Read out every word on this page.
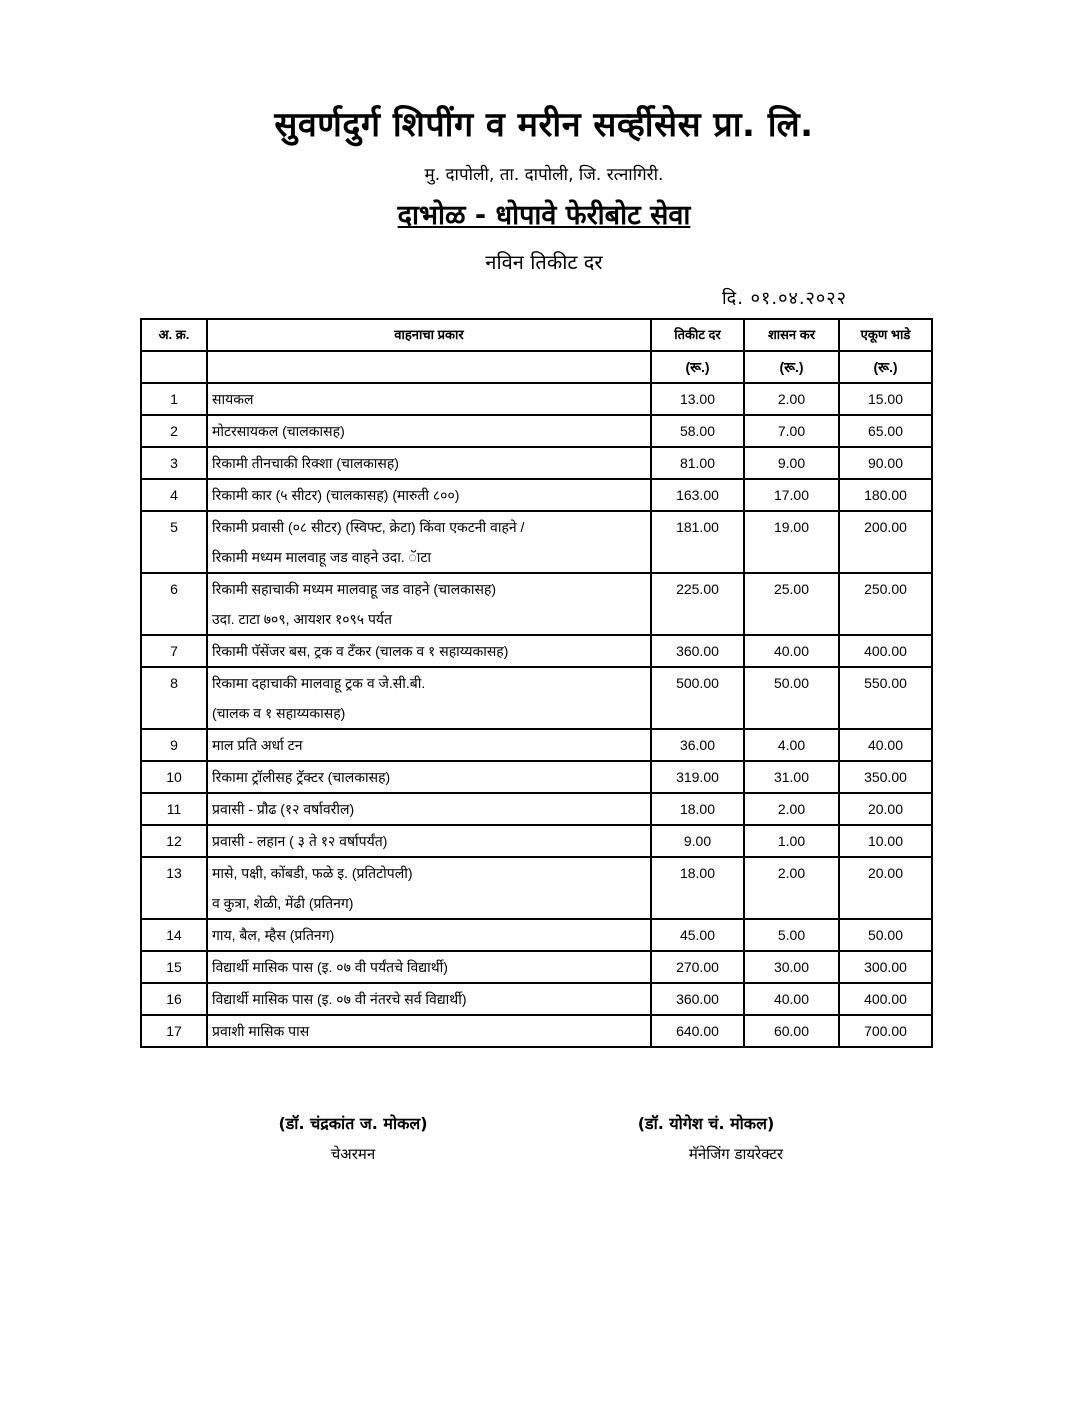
सुवर्णदुर्ग शिपींग व मरीन सर्व्हीसेस प्रा. लि.
मु. दापोली, ता. दापोली, जि. रत्नागिरी.
दाभोळ - धोपावे फेरीबोट सेवा
नविन तिकीट दर
दि. ०१.०४.२०२२
अ. क्र.	वाहनाचा प्रकार	तिकीट दर	शासन कर	एकूण भाडे
		(रू.)	(रू.)	(रू.)
1	सायकल	13.00	2.00	15.00
2	मोटरसायकल (चालकासह)	58.00	7.00	65.00
3	रिकामी तीनचाकी रिक्शा (चालकासह)	81.00	9.00	90.00
4	रिकामी कार (५ सीटर) (चालकासह) (मारुती ८००)	163.00	17.00	180.00
5	रिकामी प्रवासी (०८ सीटर) (स्विफ्ट, क्रेटा) किंवा एकटनी वाहने /
रिकामी मध्यम मालवाहू जड वाहने उदा. ॅाटा	181.00	19.00	200.00
6	रिकामी सहाचाकी मध्यम मालवाहू जड वाहने (चालकासह)
उदा. टाटा ७०९, आयशर १०९५ पर्यत	225.00	25.00	250.00
7	रिकामी पॅसेंजर बस, ट्रक व टॅंकर (चालक व १ सहाय्यकासह)	360.00	40.00	400.00
8	रिकामा दहाचाकी मालवाहू ट्रक व जे.सी.बी.
(चालक व १ सहाय्यकासह)	500.00	50.00	550.00
9	माल प्रति अर्धा टन	36.00	4.00	40.00
10	रिकामा ट्रॉलीसह ट्रॅक्टर (चालकासह)	319.00	31.00	350.00
11	प्रवासी - प्रौढ (१२ वर्षावरील)	18.00	2.00	20.00
12	प्रवासी - लहान ( ३ ते १२ वर्षापर्यंत)	9.00	1.00	10.00
13	मासे, पक्षी, कोंबडी, फळे इ. (प्रतिटोपली)
व कुत्रा, शेळी, मेंढी (प्रतिनग)	18.00	2.00	20.00
14	गाय, बैल, म्हैस (प्रतिनग)	45.00	5.00	50.00
15	विद्यार्थी मासिक पास (इ. ०७ वी पर्यंतचे विद्यार्थी)	270.00	30.00	300.00
16	विद्यार्थी मासिक पास (इ. ०७ वी नंतरचे सर्व विद्यार्थी)	360.00	40.00	400.00
17	प्रवाशी मासिक पास	640.00	60.00	700.00
(डॉ. चंद्रकांत ज. मोकल)
चेअरमन
(डॉ. योगेश चं. मोकल)
मॅनेजिंग डायरेक्टर
